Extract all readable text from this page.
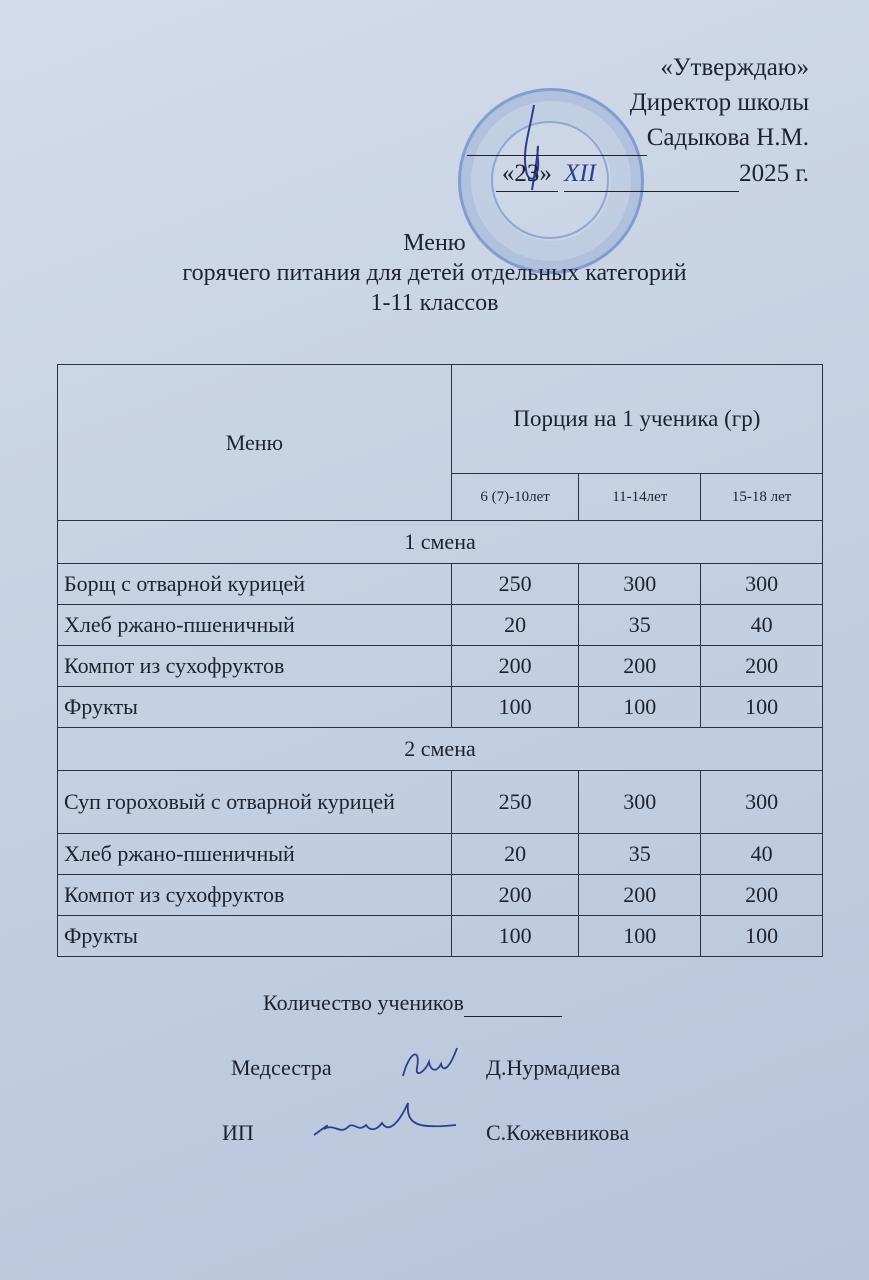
«Утверждаю»
Директор школы
Садыкова Н.М.
«23» XII	2025 г.
Меню
горячего питания для детей отдельных категорий
1-11 классов
Меню	Порция на 1 ученика (гр)		
	6 (7)-10лет	11-14лет	15-18 лет
1 смена			
Борщ с отварной курицей	250	300	300
Хлеб ржано-пшеничный	20	35	40
Компот из сухофруктов	200	200	200
Фрукты	100	100	100
2 смена			
Суп гороховый с отварной курицей	250	300	300
Хлеб ржано-пшеничный	20	35	40
Компот из сухофруктов	200	200	200
Фрукты	100	100	100
Количество учеников
Медсестра	Д.Нурмадиева
ИП	С.Кожевникова
